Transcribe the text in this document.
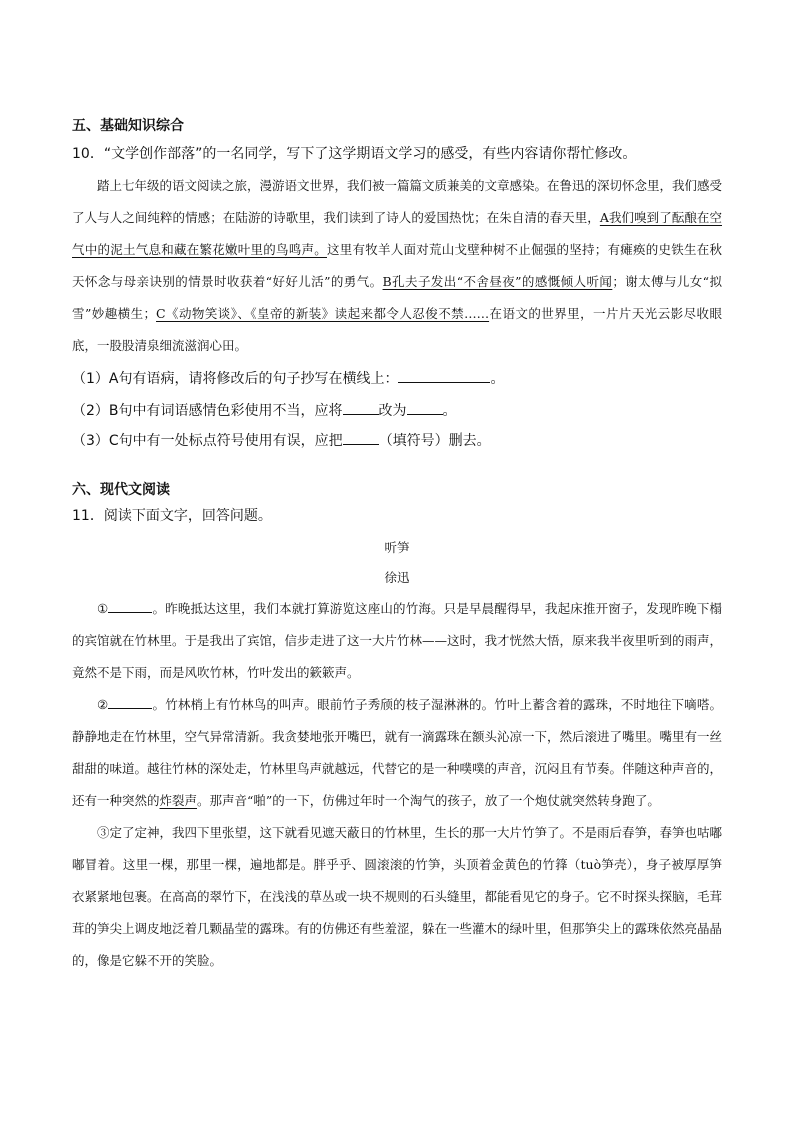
五、基础知识综合
10．“文学创作部落”的一名同学，写下了这学期语文学习的感受，有些内容请你帮忙修改。

踏上七年级的语文阅读之旅，漫游语文世界，我们被一篇篇文质兼美的文章感染。在鲁迅的深切怀念里，我们感受了人与人之间纯粹的情感；在陆游的诗歌里，我们读到了诗人的爱国热忱；在朱自清的春天里，A我们嗅到了酝酿在空气中的泥土气息和藏在繁花嫩叶里的鸟鸣声。这里有牧羊人面对荒山戈壁种树不止倔强的坚持；有瘫痪的史铁生在秋天怀念与母亲诀别的情景时收获着“好好儿活”的勇气。B孔夫子发出“不舍昼夜”的感慨倾人听闻；谢太傅与儿女“拟雪”妙趣横生；C《动物笑谈》、《皇帝的新装》读起来都令人忍俊不禁……在语文的世界里，一片片天光云影尽收眼底，一股股清泉细流滋润心田。

（1）A句有语病，请将修改后的句子抄写在横线上：	。
（2）B句中有词语感情色彩使用不当，应将	改为	。
（3）C句中有一处标点符号使用有误，应把	（填符号）删去。
六、现代文阅读
11．阅读下面文字，回答问题。
听笋
徐迅

①	。昨晚抵达这里，我们本就打算游览这座山的竹海。只是早晨醒得早，我起床推开窗子，发现昨晚下榻的宾馆就在竹林里。于是我出了宾馆，信步走进了这一大片竹林——这时，我才恍然大悟，原来我半夜里听到的雨声，竟然不是下雨，而是风吹竹林，竹叶发出的簌簌声。

②	。竹林梢上有竹林鸟的叫声。眼前竹子秀颀的枝子湿淋淋的。竹叶上蓄含着的露珠，不时地往下嘀嗒。静静地走在竹林里，空气异常清新。我贪婪地张开嘴巴，就有一滴露珠在额头沁凉一下，然后滚进了嘴里。嘴里有一丝甜甜的味道。越往竹林的深处走，竹林里鸟声就越远，代替它的是一种噗噗的声音，沉闷且有节奏。伴随这种声音的，还有一种突然的炸裂声。那声音“啪”的一下，仿佛过年时一个淘气的孩子，放了一个炮仗就突然转身跑了。

③定了定神，我四下里张望，这下就看见遮天蔽日的竹林里，生长的那一大片竹笋了。不是雨后春笋，春笋也咕嘟嘟冒着。这里一棵，那里一棵，遍地都是。胖乎乎、圆滚滚的竹笋，头顶着金黄色的竹箨（tuò笋壳），身子被厚厚笋衣紧紧地包裹。在高高的翠竹下，在浅浅的草丛或一块不规则的石头缝里，都能看见它的身子。它不时探头探脑，毛茸茸的笋尖上调皮地泛着几颗晶莹的露珠。有的仿佛还有些羞涩，躲在一些灌木的绿叶里，但那笋尖上的露珠依然亮晶晶的，像是它躲不开的笑脸。
